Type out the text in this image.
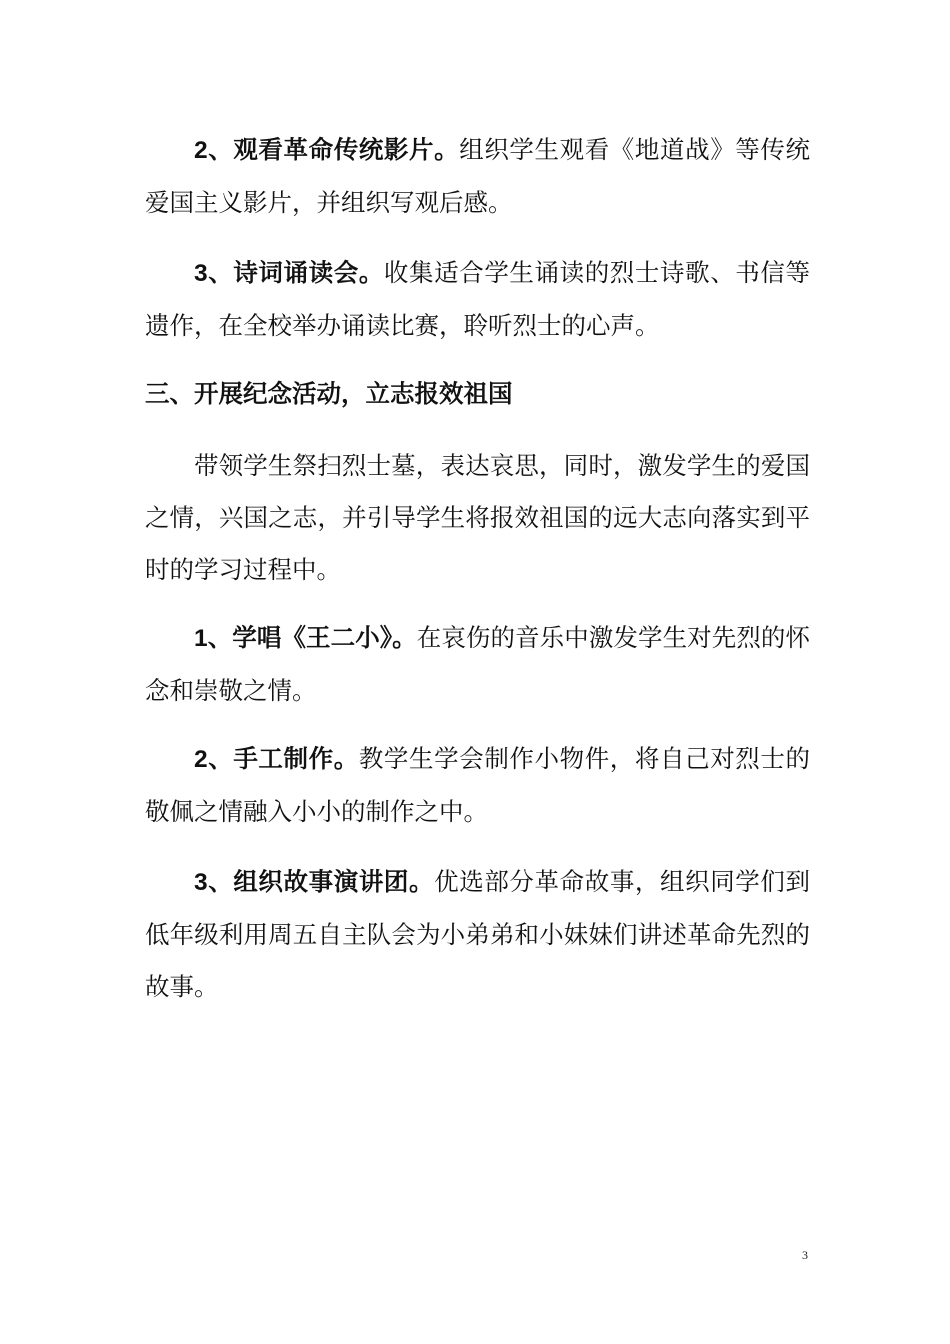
2、观看革命传统影片。组织学生观看《地道战》等传统爱国主义影片，并组织写观后感。

3、诗词诵读会。收集适合学生诵读的烈士诗歌、书信等遗作，在全校举办诵读比赛，聆听烈士的心声。

三、开展纪念活动，立志报效祖国

带领学生祭扫烈士墓，表达哀思，同时，激发学生的爱国之情，兴国之志，并引导学生将报效祖国的远大志向落实到平时的学习过程中。

1、学唱《王二小》。在哀伤的音乐中激发学生对先烈的怀念和崇敬之情。

2、手工制作。教学生学会制作小物件，将自己对烈士的敬佩之情融入小小的制作之中。

3、组织故事演讲团。优选部分革命故事，组织同学们到低年级利用周五自主队会为小弟弟和小妹妹们讲述革命先烈的故事。

3
